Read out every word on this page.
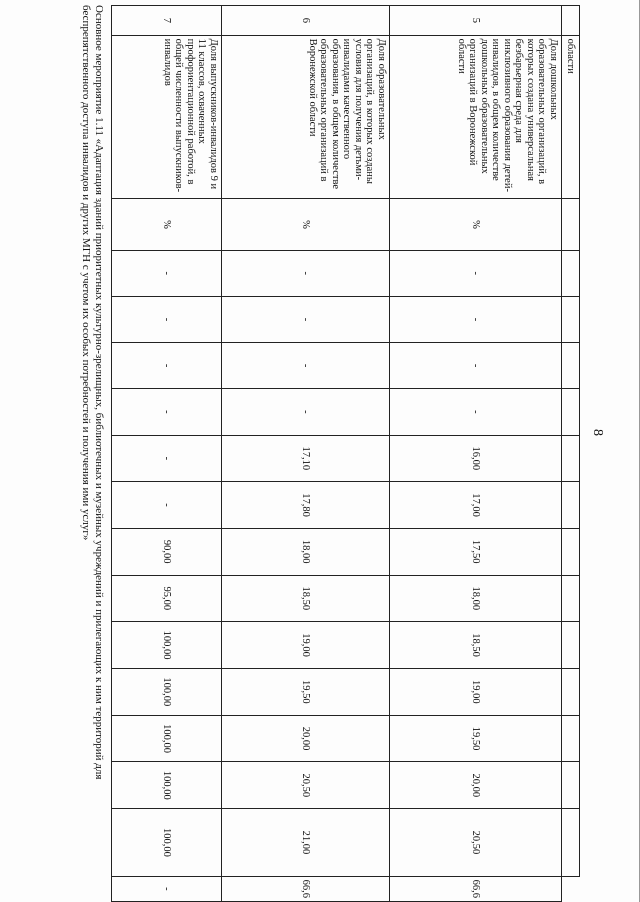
8
	области															
5	Доля дошкольных образовательных организаций, в которых создана универсальная безбарьерная среда для инклюзивного образования детей-инвалидов, в общем количестве дошкольных образовательных организаций в Воронежской области	%	-	-	-	-	16,00	17,00	17,50	18,00	18,50	19,00	19,50	20,00	20,50	66,6
6	Доля образовательных организаций, в которых созданы условия для получения детьми-инвалидами качественного образования, в общем количестве образовательных организаций в Воронежской области	%	-	-	-	-	17,10	17,80	18,00	18,50	19,00	19,50	20,00	20,50	21,00	66,6
7	Доля выпускников-инвалидов 9 и 11 классов, охваченных профориентационной работой, в общей численности выпускников-инвалидов	%	-	-	-	-	-	-	90,00	95,00	100,00	100,00	100,00	100,00	100,00	-
Основное мероприятие 1.11 «Адаптация зданий приоритетных культурно-зрелищных, библиотечных и музейных учреждений и прилегающих к ним территорий для беспрепятственного доступа инвалидов и других МГН с учетом их особых потребностей и получения ими услуг»
